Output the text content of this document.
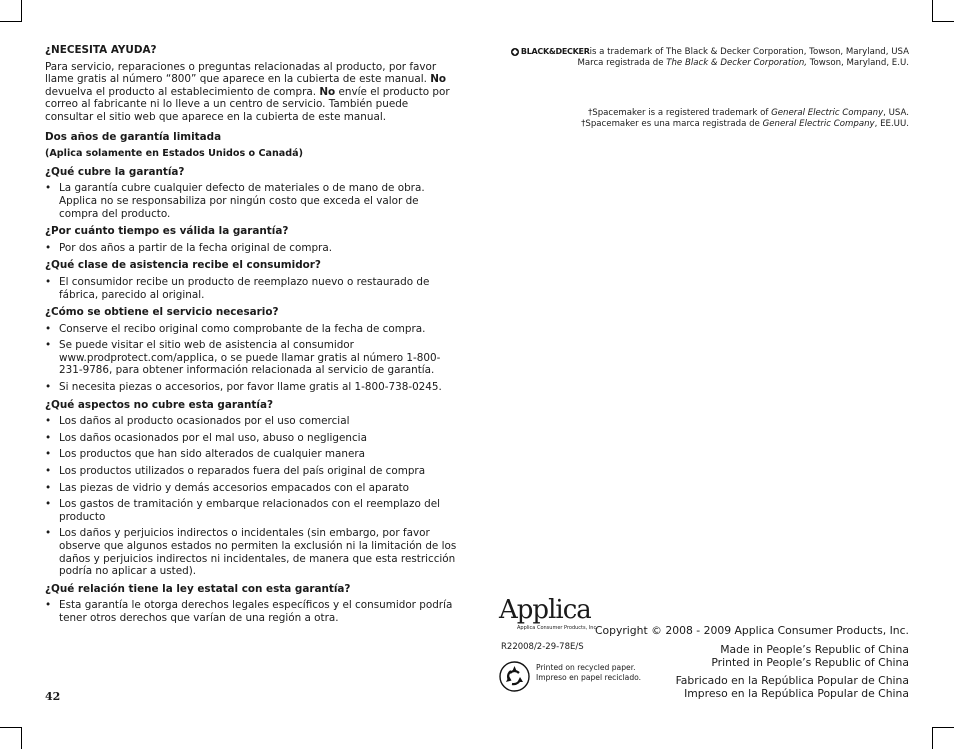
¿NECESITA AYUDA?

Para servicio, reparaciones o preguntas relacionadas al producto, por favor llame gratis al número “800” que aparece en la cubierta de este manual. No devuelva el producto al establecimiento de compra. No envíe el producto por correo al fabricante ni lo lleve a un centro de servicio. También puede consultar el sitio web que aparece en la cubierta de este manual.

Dos años de garantía limitada

(Aplica solamente en Estados Unidos o Canadá)

¿Qué cubre la garantía?

• La garantía cubre cualquier defecto de materiales o de mano de obra. Applica no se responsabiliza por ningún costo que exceda el valor de compra del producto.

¿Por cuánto tiempo es válida la garantía?

• Por dos años a partir de la fecha original de compra.

¿Qué clase de asistencia recibe el consumidor?

• El consumidor recibe un producto de reemplazo nuevo o restaurado de fábrica, parecido al original.

¿Cómo se obtiene el servicio necesario?

• Conserve el recibo original como comprobante de la fecha de compra.
• Se puede visitar el sitio web de asistencia al consumidor www.prodprotect.com/applica, o se puede llamar gratis al número 1-800-231-9786, para obtener información relacionada al servicio de garantía.
• Si necesita piezas o accesorios, por favor llame gratis al 1-800-738-0245.

¿Qué aspectos no cubre esta garantía?

• Los daños al producto ocasionados por el uso comercial
• Los daños ocasionados por el mal uso, abuso o negligencia
• Los productos que han sido alterados de cualquier manera
• Los productos utilizados o reparados fuera del país original de compra
• Las piezas de vidrio y demás accesorios empacados con el aparato
• Los gastos de tramitación y embarque relacionados con el reemplazo del producto
• Los daños y perjuicios indirectos o incidentales (sin embargo, por favor observe que algunos estados no permiten la exclusión ni la limitación de los daños y perjuicios indirectos ni incidentales, de manera que esta restricción podría no aplicar a usted).

¿Qué relación tiene la ley estatal con esta garantía?

• Esta garantía le otorga derechos legales específicos y el consumidor podría tener otros derechos que varían de una región a otra.
42
BLACK&DECKER is a trademark of The Black & Decker Corporation, Towson, Maryland, USA
Marca registrada de The Black & Decker Corporation, Towson, Maryland, E.U.
†Spacemaker is a registered trademark of General Electric Company, USA.
†Spacemaker es una marca registrada de General Electric Company, EE.UU.
Applica
Applica Consumer Products, Inc.
R22008/2-29-78E/S
Printed on recycled paper.
Impreso en papel reciclado.
Copyright © 2008 - 2009 Applica Consumer Products, Inc.
Made in People’s Republic of China
Printed in People’s Republic of China
Fabricado en la República Popular de China
Impreso en la República Popular de China
